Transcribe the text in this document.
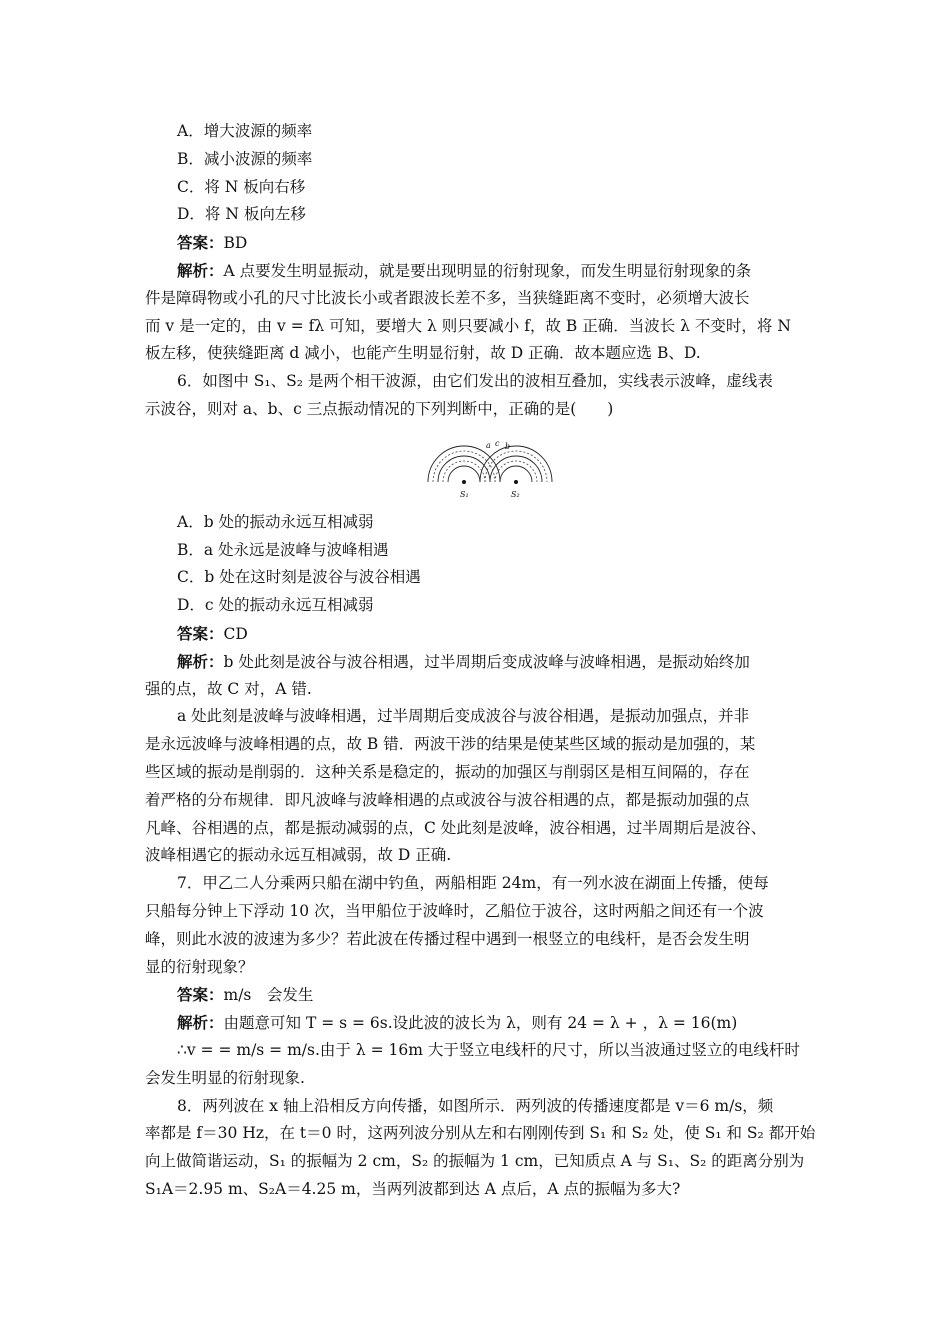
A．增大波源的频率
B．减小波源的频率
C．将 N 板向右移
D．将 N 板向左移
答案：BD
解析：A 点要发生明显振动，就是要出现明显的衍射现象，而发生明显衍射现象的条
件是障碍物或小孔的尺寸比波长小或者跟波长差不多，当狭缝距离不变时，必须增大波长
而 v 是一定的，由 v = fλ 可知，要增大 λ 则只要减小 f，故 B 正确．当波长 λ 不变时，将 N
板左移，使狭缝距离 d 减小，也能产生明显衍射，故 D 正确．故本题应选 B、D.
6．如图中 S₁、S₂ 是两个相干波源，由它们发出的波相互叠加，实线表示波峰，虚线表
示波谷，则对 a、b、c 三点振动情况的下列判断中，正确的是(　　)
A．b 处的振动永远互相减弱
B．a 处永远是波峰与波峰相遇
C．b 处在这时刻是波谷与波谷相遇
D．c 处的振动永远互相减弱
答案：CD
解析：b 处此刻是波谷与波谷相遇，过半周期后变成波峰与波峰相遇，是振动始终加
强的点，故 C 对，A 错.
a 处此刻是波峰与波峰相遇，过半周期后变成波谷与波谷相遇，是振动加强点，并非
是永远波峰与波峰相遇的点，故 B 错．两波干涉的结果是使某些区域的振动是加强的，某
些区域的振动是削弱的．这种关系是稳定的，振动的加强区与削弱区是相互间隔的，存在
着严格的分布规律．即凡波峰与波峰相遇的点或波谷与波谷相遇的点，都是振动加强的点
凡峰、谷相遇的点，都是振动减弱的点，C 处此刻是波峰，波谷相遇，过半周期后是波谷、
波峰相遇它的振动永远互相减弱，故 D 正确.
7．甲乙二人分乘两只船在湖中钓鱼，两船相距 24m，有一列水波在湖面上传播，使每
只船每分钟上下浮动 10 次，当甲船位于波峰时，乙船位于波谷，这时两船之间还有一个波
峰，则此水波的波速为多少？若此波在传播过程中遇到一根竖立的电线杆，是否会发生明
显的衍射现象？
答案：m/s　会发生
解析：由题意可知 T = s = 6s.设此波的波长为 λ，则有 24 = λ + ，λ = 16(m)
∴v = = m/s = m/s.由于 λ = 16m 大于竖立电线杆的尺寸，所以当波通过竖立的电线杆时
会发生明显的衍射现象.
8．两列波在 x 轴上沿相反方向传播，如图所示．两列波的传播速度都是 v＝6 m/s，频
率都是 f＝30 Hz，在 t＝0 时，这两列波分别从左和右刚刚传到 S₁ 和 S₂ 处，使 S₁ 和 S₂ 都开始
向上做简谐运动，S₁ 的振幅为 2 cm，S₂ 的振幅为 1 cm，已知质点 A 与 S₁、S₂ 的距离分别为
S₁A＝2.95 m、S₂A＝4.25 m，当两列波都到达 A 点后，A 点的振幅为多大?
a c b
S₁	S₂
